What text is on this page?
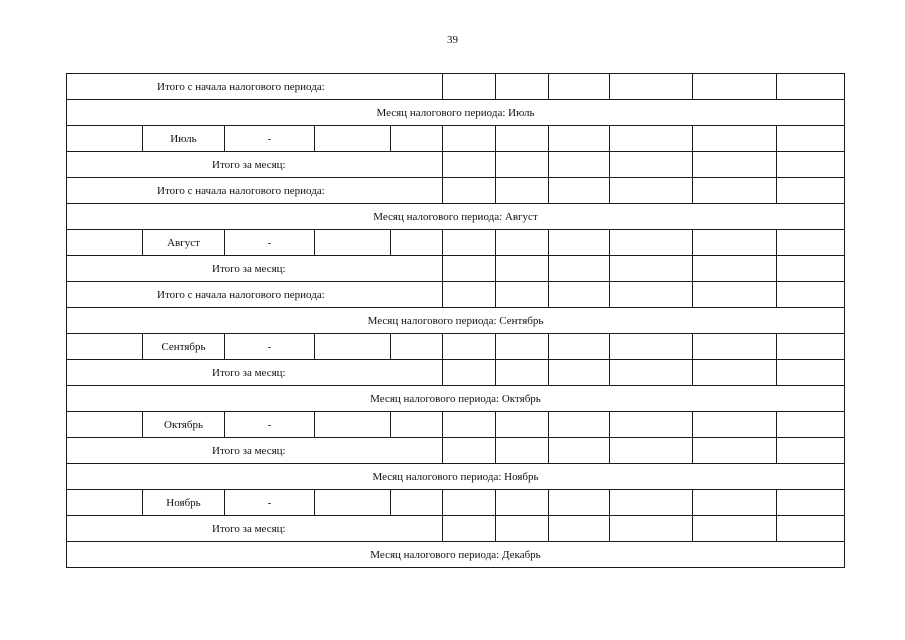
39

Итого с начала налогового периода:										
Месяц налогового периода: Июль										
	Июль	-								
Итого за месяц:										
Итого с начала налогового периода:										
Месяц налогового периода: Август										
	Август	-								
Итого за месяц:										
Итого с начала налогового периода:										
Месяц налогового периода: Сентябрь										
	Сентябрь	-								
Итого за месяц:										
Месяц налогового периода: Октябрь										
	Октябрь	-								
Итого за месяц:										
Месяц налогового периода: Ноябрь										
	Ноябрь	-								
Итого за месяц:										
Месяц налогового периода: Декабрь										
